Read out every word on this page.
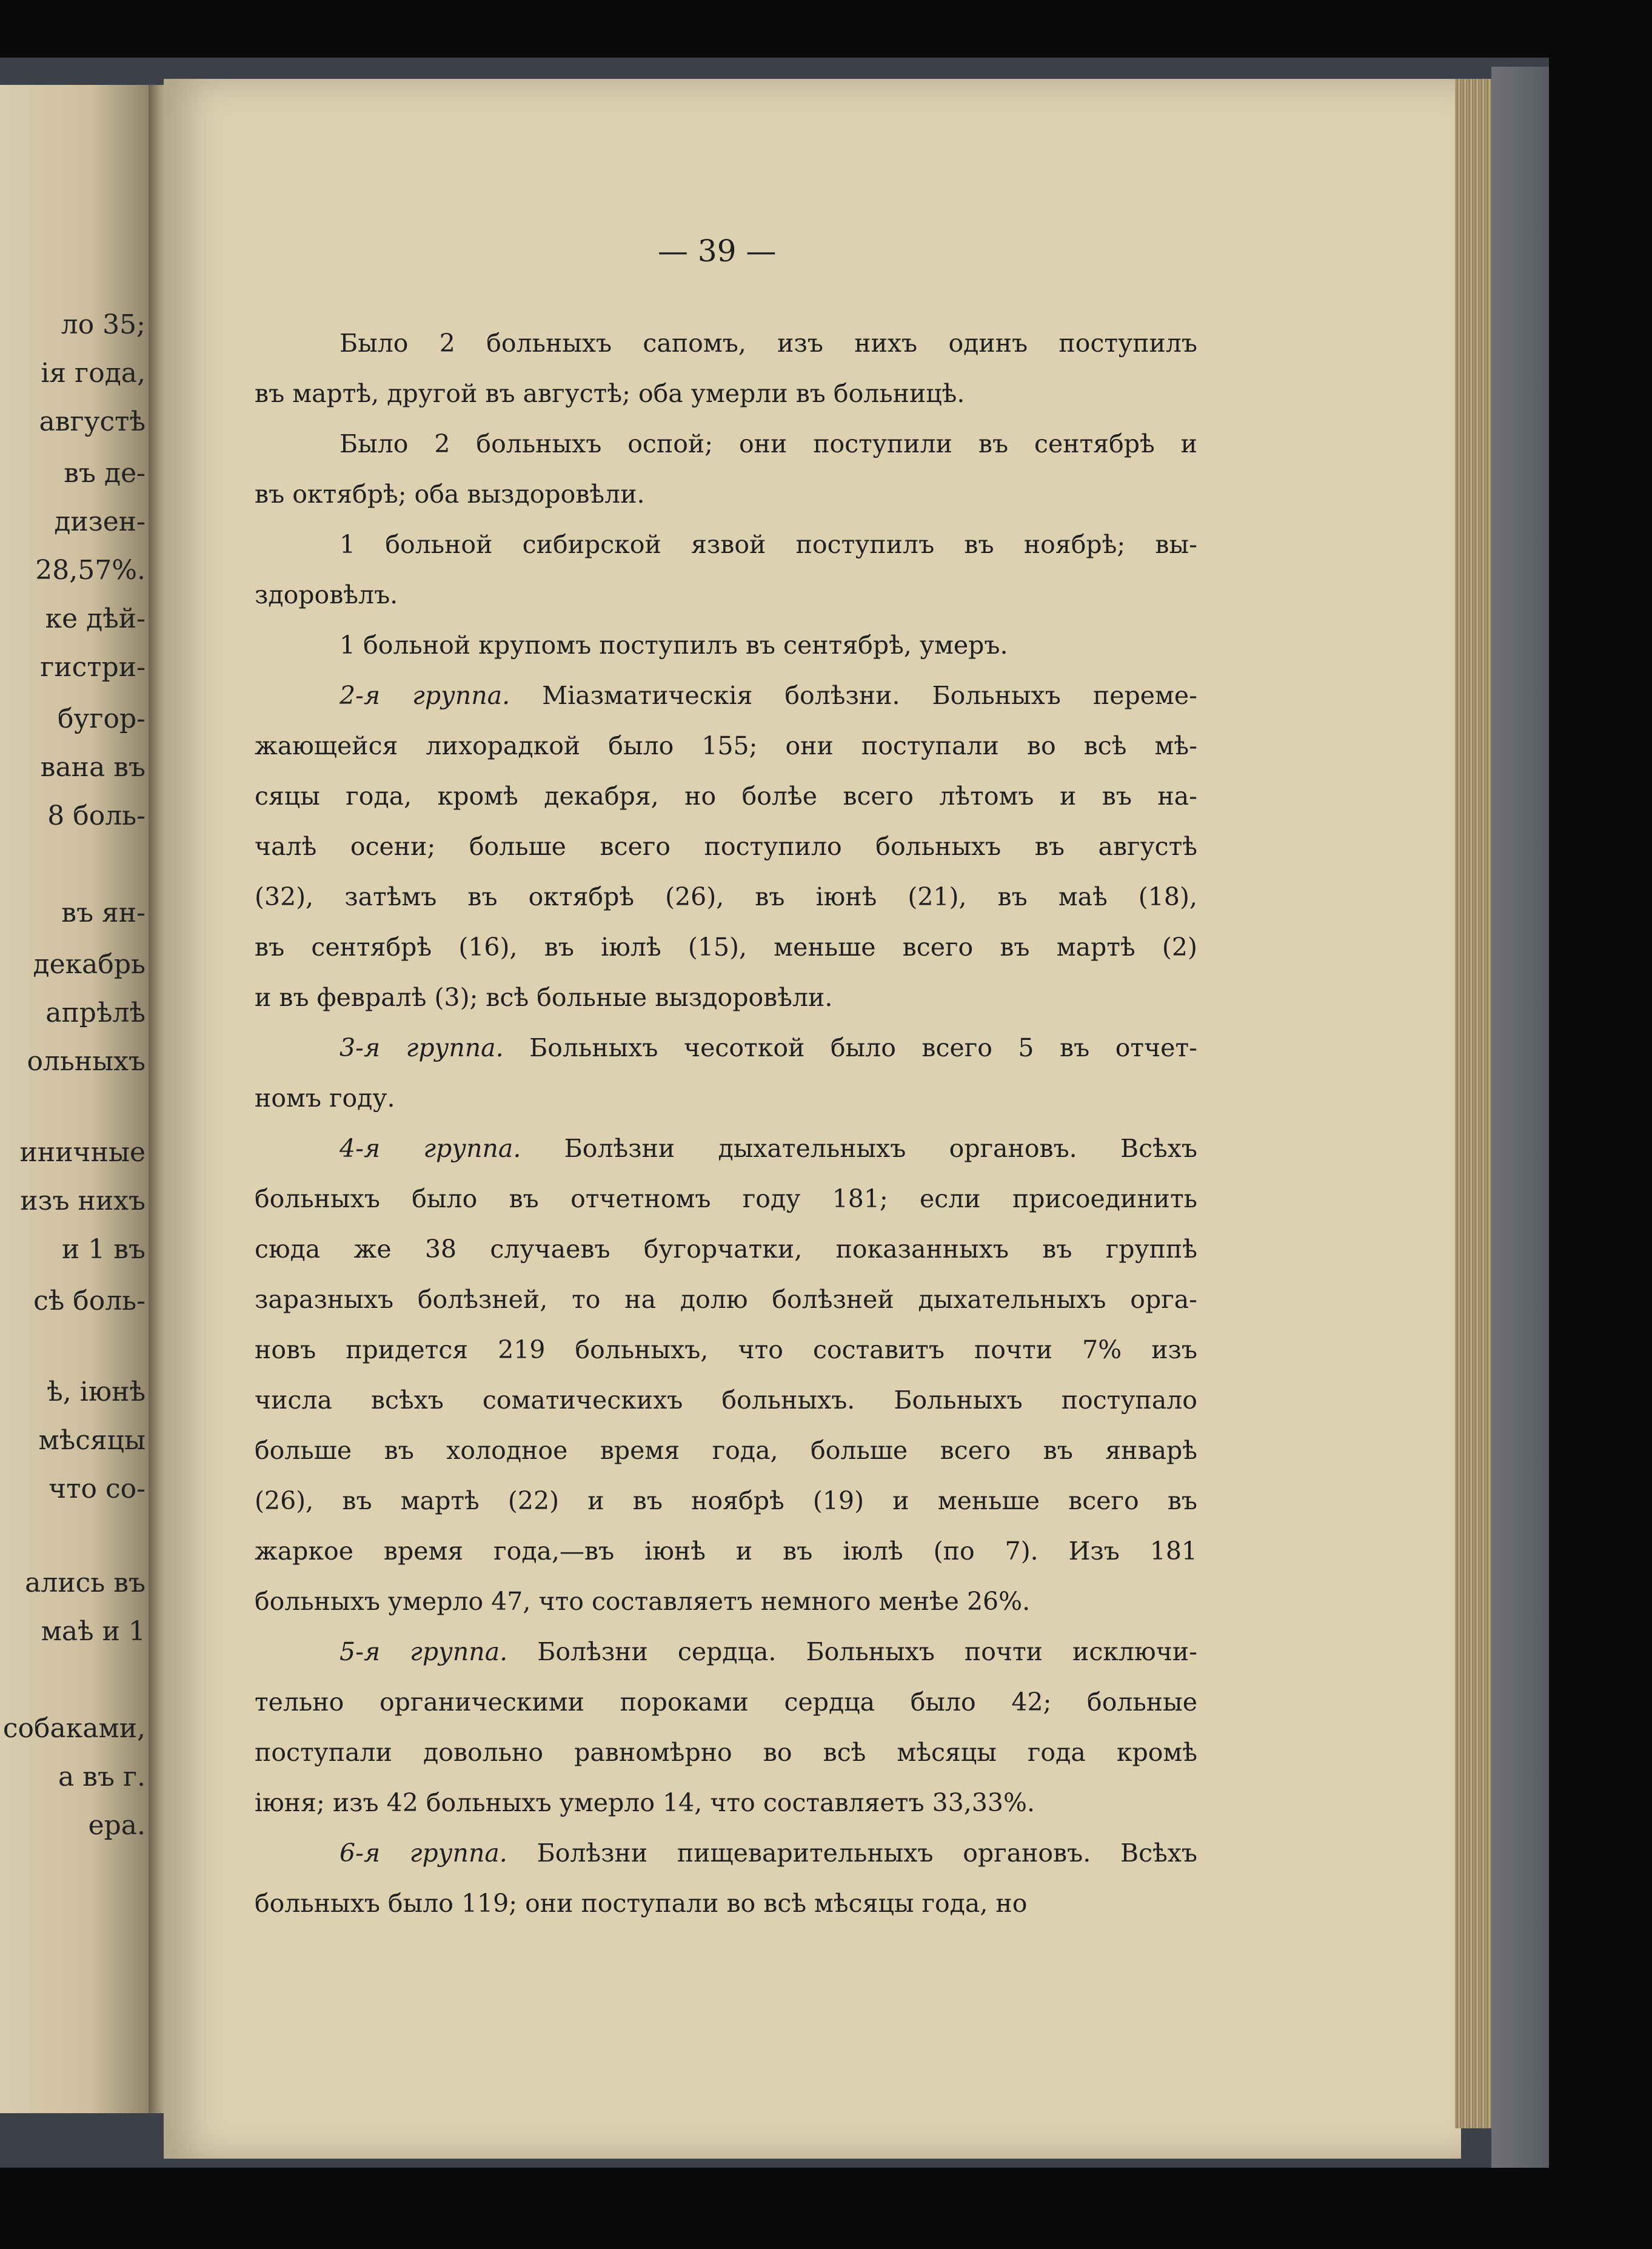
ло 35;

ія года,

августѣ

въ де-

дизен-

28,57%.

ке дѣй-

гистри-

бугор-

вана въ

8 боль-

въ ян-

декабрь

апрѣлѣ

ольныхъ

иничные

изъ нихъ

и 1 въ

сѣ боль-

ѣ, іюнѣ

мѣсяцы

что со-

ались въ

маѣ и 1

собаками,

а въ г.

ера.

— 39 —

Было 2 больныхъ сапомъ, изъ нихъ одинъ поступилъ
въ мартѣ, другой въ августѣ; оба умерли въ больницѣ.

Было 2 больныхъ оспой; они поступили въ сентябрѣ и
въ октябрѣ; оба выздоровѣли.

1 больной сибирской язвой поступилъ въ ноябрѣ; вы-
здоровѣлъ.

1 больной крупомъ поступилъ въ сентябрѣ, умеръ.

2-я группа. Міазматическія болѣзни. Больныхъ переме-
жающейся лихорадкой было 155; они поступали во всѣ мѣ-
сяцы года, кромѣ декабря, но болѣе всего лѣтомъ и въ на-
чалѣ осени; больше всего поступило больныхъ въ августѣ
(32), затѣмъ въ октябрѣ (26), въ іюнѣ (21), въ маѣ (18),
въ сентябрѣ (16), въ іюлѣ (15), меньше всего въ мартѣ (2)
и въ февралѣ (3); всѣ больные выздоровѣли.

3-я группа. Больныхъ чесоткой было всего 5 въ отчет-
номъ году.

4-я группа. Болѣзни дыхательныхъ органовъ. Всѣхъ
больныхъ было въ отчетномъ году 181; если присоединить
сюда же 38 случаевъ бугорчатки, показанныхъ въ группѣ
заразныхъ болѣзней, то на долю болѣзней дыхательныхъ орга-
новъ придется 219 больныхъ, что составитъ почти 7% изъ
числа всѣхъ соматическихъ больныхъ. Больныхъ поступало
больше въ холодное время года, больше всего въ январѣ
(26), въ мартѣ (22) и въ ноябрѣ (19) и меньше всего въ
жаркое время года,—въ іюнѣ и въ іюлѣ (по 7). Изъ 181
больныхъ умерло 47, что составляетъ немного менѣе 26%.

5-я группа. Болѣзни сердца. Больныхъ почти исключи-
тельно органическими пороками сердца было 42; больные
поступали довольно равномѣрно во всѣ мѣсяцы года кромѣ
іюня; изъ 42 больныхъ умерло 14, что составляетъ 33,33%.

6-я группа. Болѣзни пищеварительныхъ органовъ. Всѣхъ
больныхъ было 119; они поступали во всѣ мѣсяцы года, но
